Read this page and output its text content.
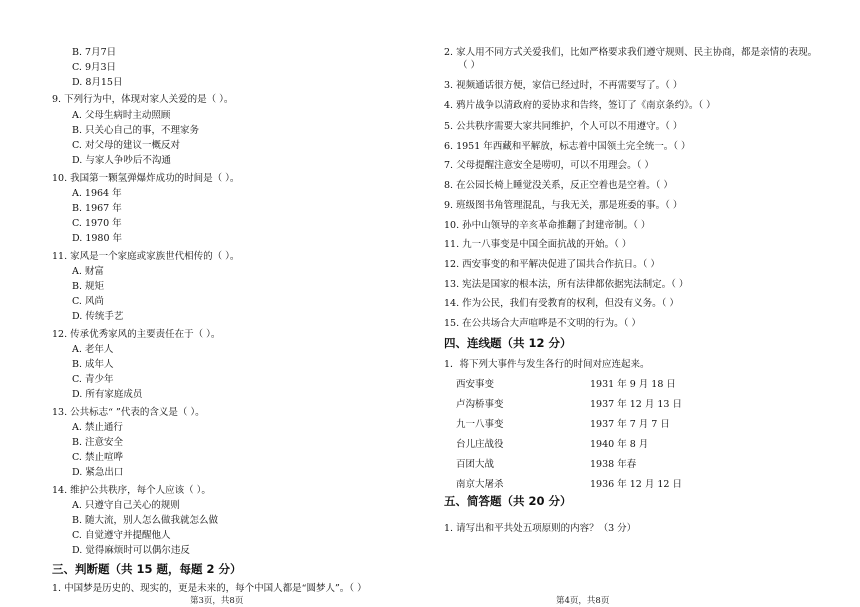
B. 7月7日
C. 9月3日
D. 8月15日
9. 下列行为中，体现对家人关爱的是（ ）。
A. 父母生病时主动照顾
B. 只关心自己的事，不理家务
C. 对父母的建议一概反对
D. 与家人争吵后不沟通
10. 我国第一颗氢弹爆炸成功的时间是（ ）。
A. 1964 年
B. 1967 年
C. 1970 年
D. 1980 年
11. 家风是一个家庭或家族世代相传的（ ）。
A. 财富
B. 规矩
C. 风尚
D. 传统手艺
12. 传承优秀家风的主要责任在于（ ）。
A. 老年人
B. 成年人
C. 青少年
D. 所有家庭成员
13. 公共标志“ ”代表的含义是（ ）。
A. 禁止通行
B. 注意安全
C. 禁止喧哗
D. 紧急出口
14. 维护公共秩序，每个人应该（ ）。
A. 只遵守自己关心的规则
B. 随大流，别人怎么做我就怎么做
C. 自觉遵守并提醒他人
D. 觉得麻烦时可以偶尔违反
三、判断题（共 15 题，每题 2 分）
1. 中国梦是历史的、现实的，更是未来的，每个中国人都是“圆梦人”。（ ）
第3页，共8页
2. 家人用不同方式关爱我们，比如严格要求我们遵守规则、民主协商，都是亲情的表现。
（ ）
3. 视频通话很方便，家信已经过时，不再需要写了。（ ）
4. 鸦片战争以清政府的妥协求和告终，签订了《南京条约》。（ ）
5. 公共秩序需要大家共同维护，个人可以不用遵守。（ ）
6. 1951 年西藏和平解放，标志着中国领土完全统一。（ ）
7. 父母提醒注意安全是唠叨，可以不用理会。（ ）
8. 在公园长椅上睡觉没关系，反正空着也是空着。（ ）
9. 班级图书角管理混乱，与我无关，那是班委的事。（ ）
10. 孙中山领导的辛亥革命推翻了封建帝制。（ ）
11. 九一八事变是中国全面抗战的开始。（ ）
12. 西安事变的和平解决促进了国共合作抗日。（ ）
13. 宪法是国家的根本法，所有法律都依据宪法制定。（ ）
14. 作为公民，我们有受教育的权利，但没有义务。（ ）
15. 在公共场合大声喧哗是不文明的行为。（ ）
四、连线题（共 12 分）
1．将下列大事件与发生各行的时间对应连起来。
西安事变	1931 年 9 月 18 日
卢沟桥事变	1937 年 12 月 13 日
九一八事变	1937 年 7 月 7 日
台儿庄战役	1940 年 8 月
百团大战	1938 年春
南京大屠杀	1936 年 12 月 12 日
五、简答题（共 20 分）
1. 请写出和平共处五项原则的内容？（3 分）
第4页，共8页
